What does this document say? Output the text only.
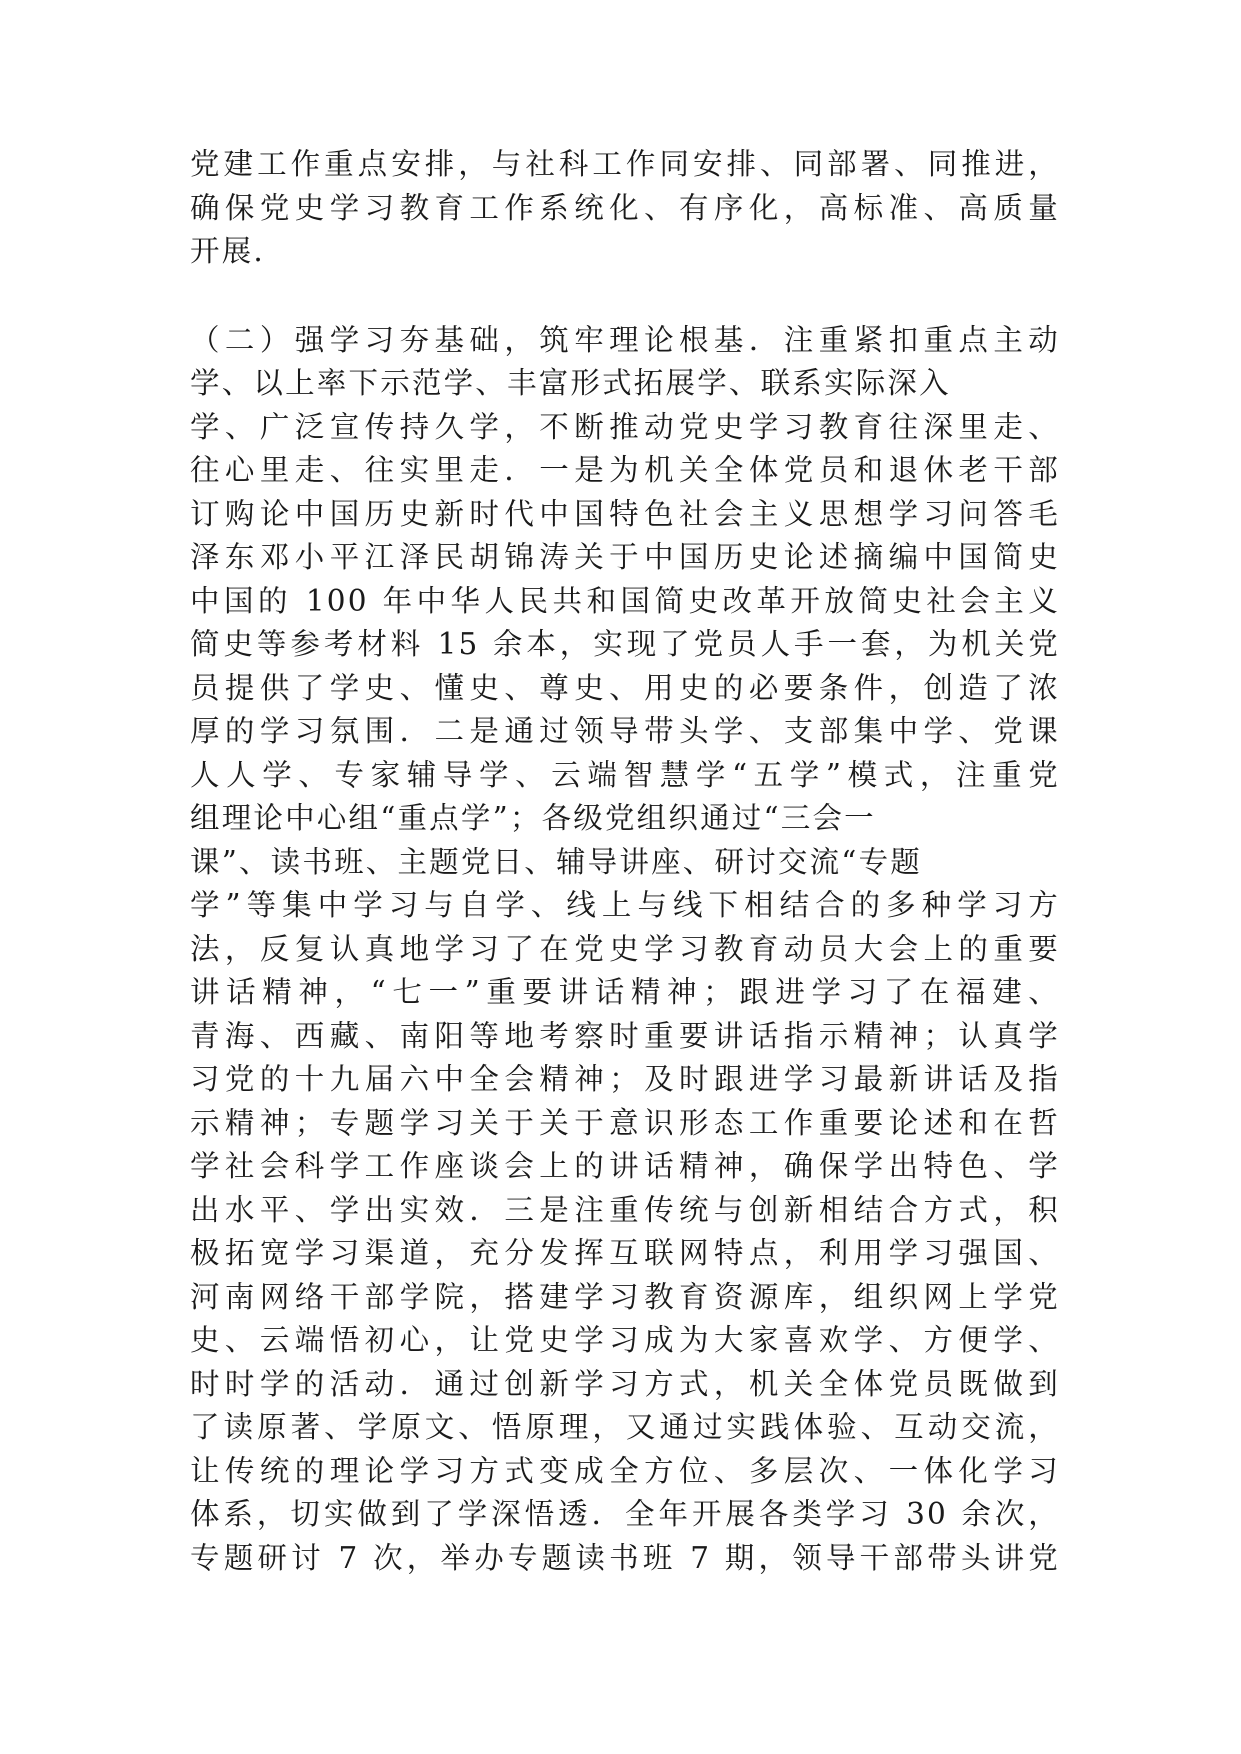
党建工作重点安排，与社科工作同安排、同部署、同推进，
确保党史学习教育工作系统化、有序化，高标准、高质量
开展.
（二）强学习夯基础，筑牢理论根基．注重紧扣重点主动
学、以上率下示范学、丰富形式拓展学、联系实际深入
学、广泛宣传持久学，不断推动党史学习教育往深里走、
往心里走、往实里走．一是为机关全体党员和退休老干部
订购论中国历史新时代中国特色社会主义思想学习问答毛
泽东邓小平江泽民胡锦涛关于中国历史论述摘编中国简史
中国的 100 年中华人民共和国简史改革开放简史社会主义
简史等参考材料 15 余本，实现了党员人手一套，为机关党
员提供了学史、懂史、尊史、用史的必要条件，创造了浓
厚的学习氛围．二是通过领导带头学、支部集中学、党课
人人学、专家辅导学、云端智慧学“五学”模式，注重党
组理论中心组“重点学”；各级党组织通过“三会一
课”、读书班、主题党日、辅导讲座、研讨交流“专题
学”等集中学习与自学、线上与线下相结合的多种学习方
法，反复认真地学习了在党史学习教育动员大会上的重要
讲话精神，“七一”重要讲话精神；跟进学习了在福建、
青海、西藏、南阳等地考察时重要讲话指示精神；认真学
习党的十九届六中全会精神；及时跟进学习最新讲话及指
示精神；专题学习关于关于意识形态工作重要论述和在哲
学社会科学工作座谈会上的讲话精神，确保学出特色、学
出水平、学出实效．三是注重传统与创新相结合方式，积
极拓宽学习渠道，充分发挥互联网特点，利用学习强国、
河南网络干部学院，搭建学习教育资源库，组织网上学党
史、云端悟初心，让党史学习成为大家喜欢学、方便学、
时时学的活动．通过创新学习方式，机关全体党员既做到
了读原著、学原文、悟原理，又通过实践体验、互动交流，
让传统的理论学习方式变成全方位、多层次、一体化学习
体系，切实做到了学深悟透．全年开展各类学习 30 余次，
专题研讨 7 次，举办专题读书班 7 期，领导干部带头讲党
